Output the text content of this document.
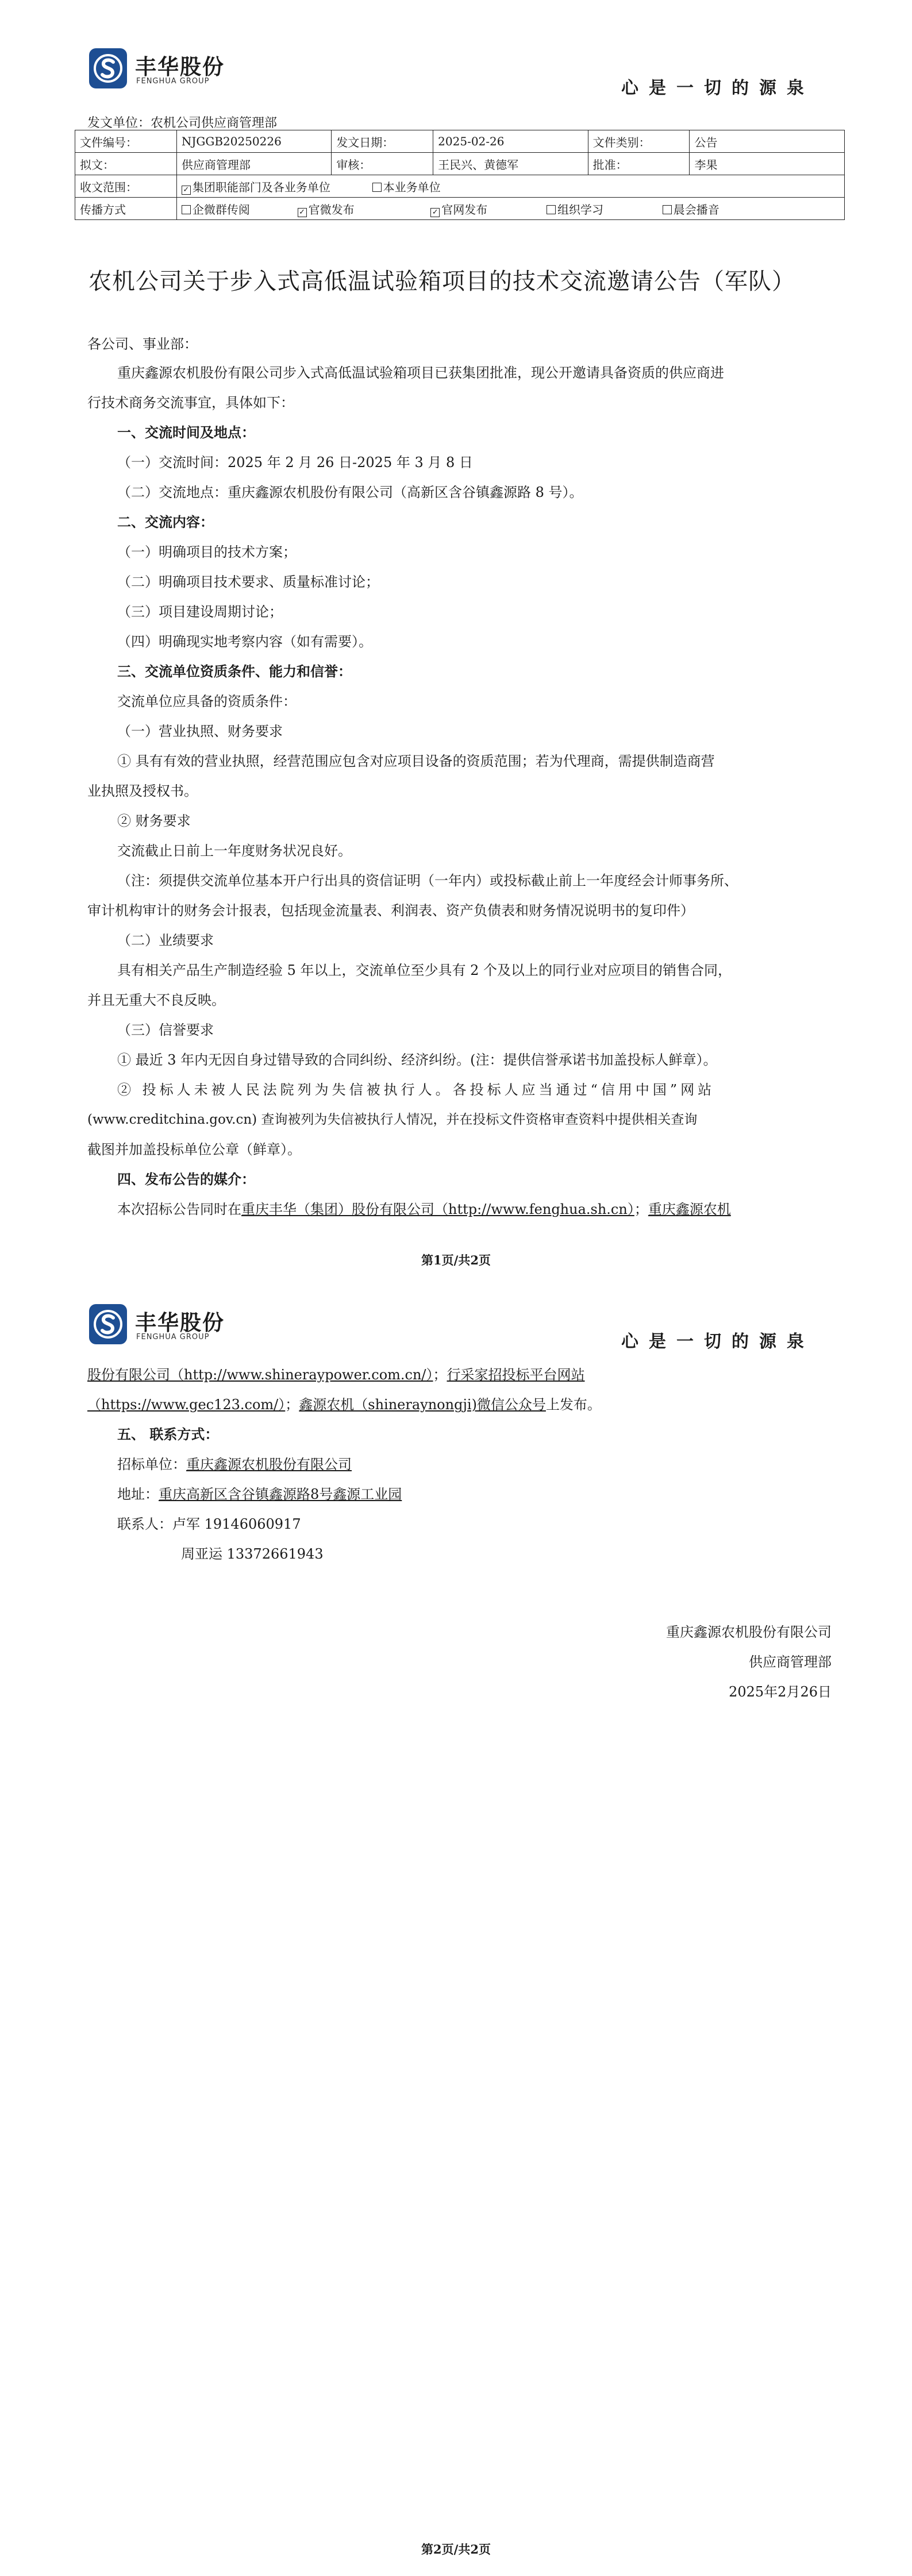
丰华股份
FENGHUA GROUP	心是一切的源泉
发文单位：农机公司供应商管理部
文件编号：	NJGGB20250226	发文日期：	2025-02-26	文件类别：	公告
拟文：	供应商管理部	审核：	王民兴、黄德军	批准：	李果
收文范围：	✓ 集团职能部门及各业务单位 本业务单位				
传播方式	企微群传阅 ✓ 官微发布 ✓ 官网发布 组织学习 晨会播音				
农机公司关于步入式高低温试验箱项目的技术交流邀请公告（军队）
各公司、事业部：
重庆鑫源农机股份有限公司步入式高低温试验箱项目已获集团批准，现公开邀请具备资质的供应商进
行技术商务交流事宜，具体如下：
一、交流时间及地点：
（一）交流时间：2025 年 2 月 26 日-2025 年 3 月 8 日
（二）交流地点：重庆鑫源农机股份有限公司（高新区含谷镇鑫源路 8 号）。
二、交流内容：
（一）明确项目的技术方案；
（二）明确项目技术要求、质量标准讨论；
（三）项目建设周期讨论；
（四）明确现实地考察内容（如有需要）。
三、交流单位资质条件、能力和信誉：
交流单位应具备的资质条件：
（一）营业执照、财务要求
① 具有有效的营业执照，经营范围应包含对应项目设备的资质范围；若为代理商，需提供制造商营
业执照及授权书。
② 财务要求
交流截止日前上一年度财务状况良好。
（注：须提供交流单位基本开户行出具的资信证明（一年内）或投标截止前上一年度经会计师事务所、
审计机构审计的财务会计报表，包括现金流量表、利润表、资产负债表和财务情况说明书的复印件）
（二）业绩要求
具有相关产品生产制造经验 5 年以上，交流单位至少具有 2 个及以上的同行业对应项目的销售合同，
并且无重大不良反映。
（三）信誉要求
① 最近 3 年内无因自身过错导致的合同纠纷、经济纠纷。(注：提供信誉承诺书加盖投标人鲜章）。
② 投标人未被人民法院列为失信被执行人。各投标人应当通过“信用中国”网站
(www.creditchina.gov.cn) 查询被列为失信被执行人情况，并在投标文件资格审查资料中提供相关查询
截图并加盖投标单位公章（鲜章）。
四、发布公告的媒介：
本次招标公告同时在重庆丰华（集团）股份有限公司（http://www.fenghua.sh.cn）；重庆鑫源农机
第1页/共2页
丰华股份
FENGHUA GROUP	心是一切的源泉
股份有限公司（http://www.shineraypower.com.cn/）；行采家招投标平台网站
（https://www.gec123.com/）；鑫源农机（shineraynongji)微信公众号上发布。
五、 联系方式：
招标单位：重庆鑫源农机股份有限公司
地址：重庆高新区含谷镇鑫源路8号鑫源工业园
联系人：卢军 19146060917
周亚运 13372661943
重庆鑫源农机股份有限公司
供应商管理部
2025年2月26日
第2页/共2页
